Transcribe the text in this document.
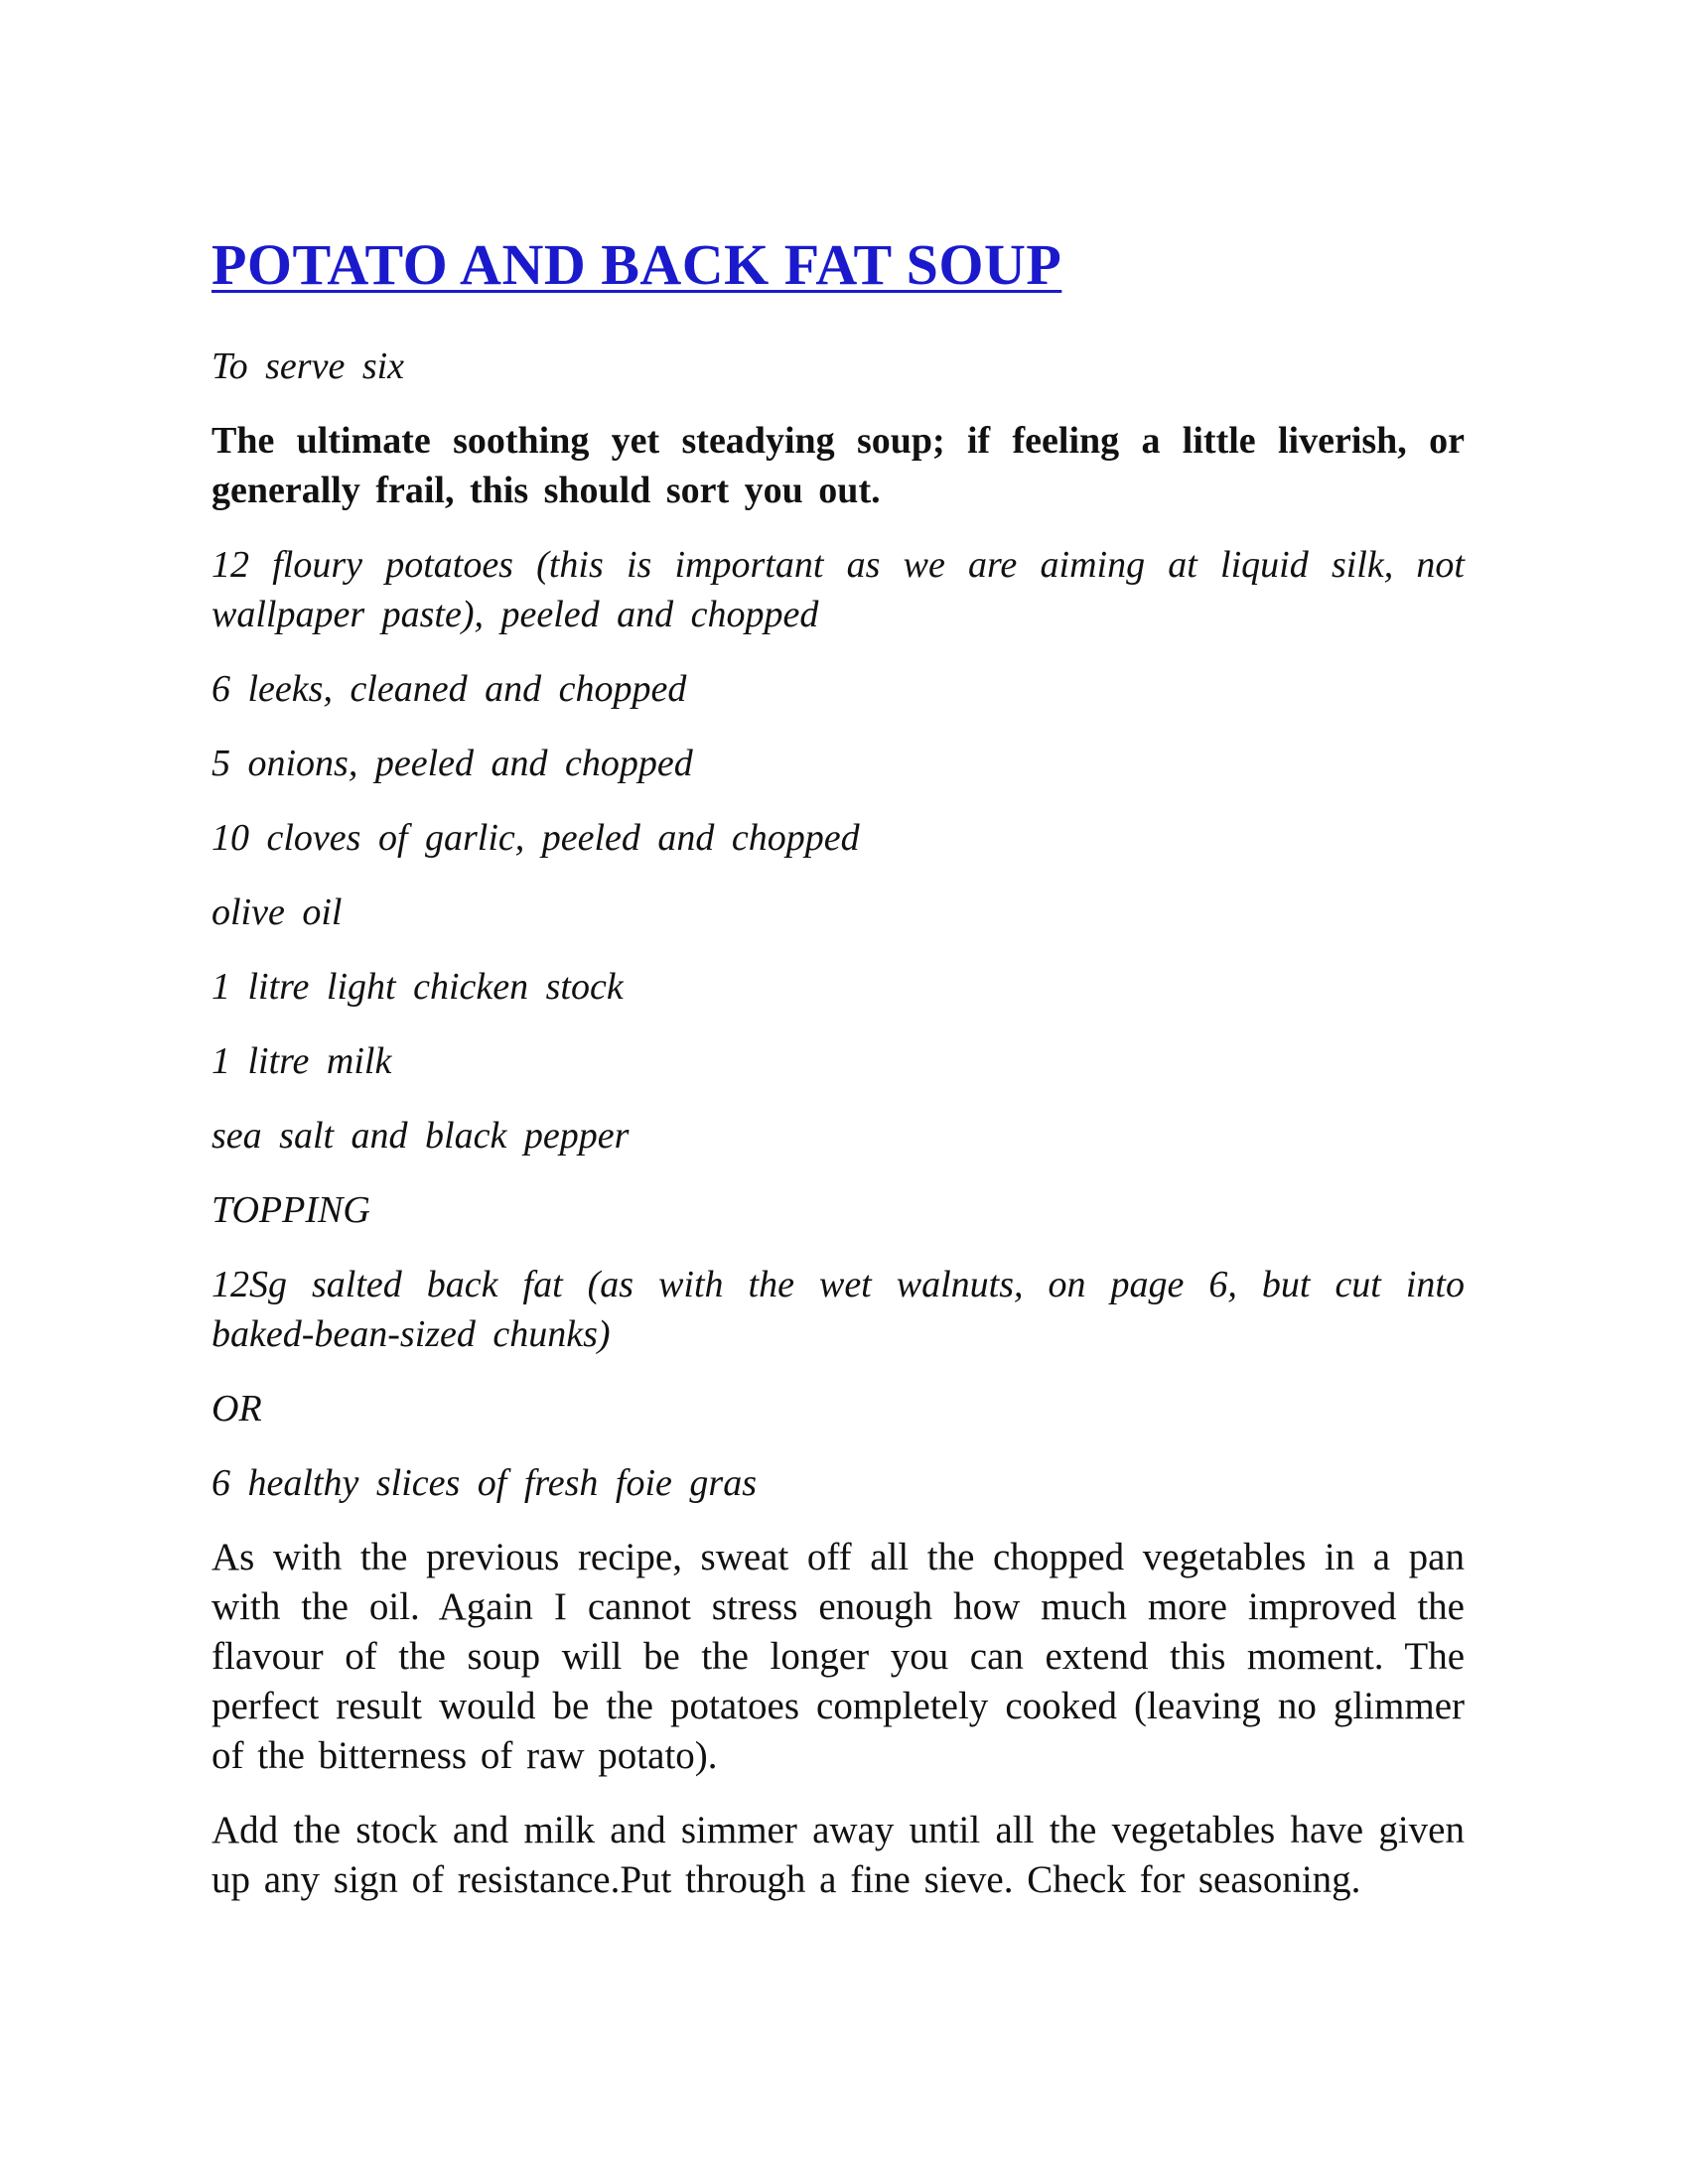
POTATO AND BACK FAT SOUP

To serve six

The ultimate soothing yet steadying soup; if feeling a little liverish, or generally frail, this should sort you out.

12 floury potatoes (this is important as we are aiming at liquid silk, not wallpaper paste), peeled and chopped

6 leeks, cleaned and chopped

5 onions, peeled and chopped

10 cloves of garlic, peeled and chopped

olive oil

1 litre light chicken stock

1 litre milk

sea salt and black pepper

TOPPING

12Sg salted back fat (as with the wet walnuts, on page 6, but cut into baked-bean-sized chunks)

OR

6 healthy slices of fresh foie gras

As with the previous recipe, sweat off all the chopped vegetables in a pan with the oil. Again I cannot stress enough how much more improved the flavour of the soup will be the longer you can extend this moment. The perfect result would be the potatoes completely cooked (leaving no glimmer of the bitterness of raw potato).

Add the stock and milk and simmer away until all the vegetables have given up any sign of resistance.Put through a fine sieve. Check for seasoning.
